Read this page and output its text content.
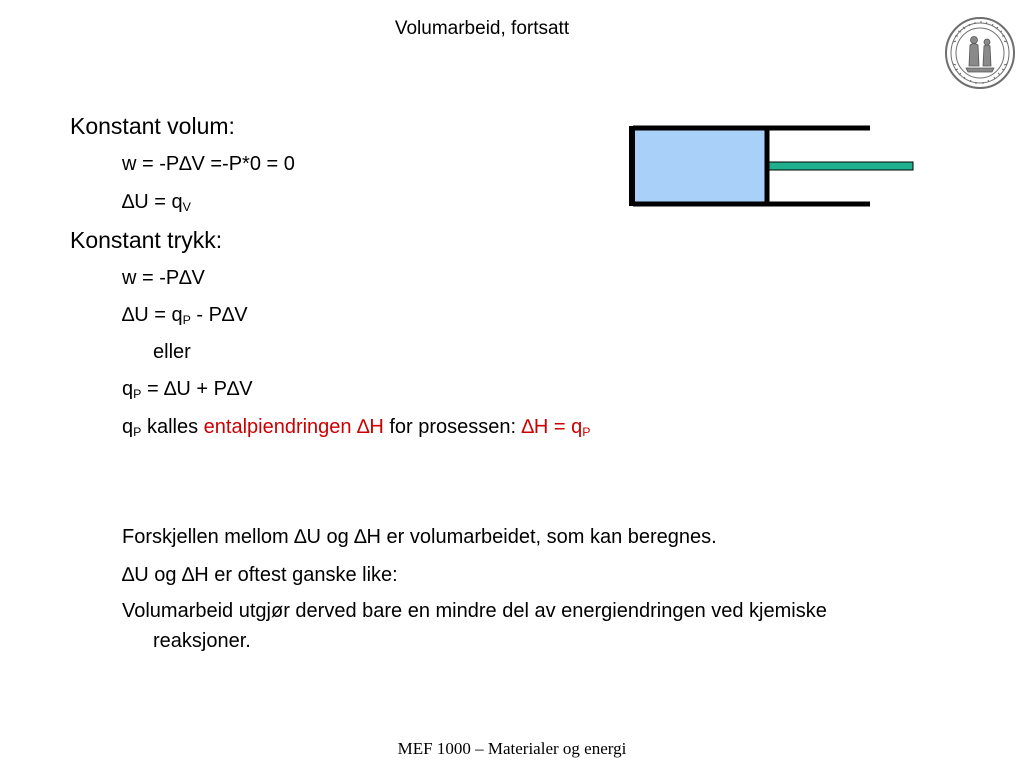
Volumarbeid, fortsatt
Konstant volum:
w = -P∆V =-P*0 = 0
$\Delta U = q_V$
Konstant trykk:
w = -P∆V
$\Delta U = q_P - P\Delta V$
eller
$q_P = \Delta U + P\Delta V$
$q_P$ kalles entalpiendringen ∆H for prosessen: $\Delta H = q_P$
Forskjellen mellom ∆U og ∆H er volumarbeidet, som kan beregnes.
∆U og ∆H er oftest ganske like:
Volumarbeid utgjør derved bare en mindre del av energiendringen ved kjemiske reaksjoner.
MEF 1000 – Materialer og energi
